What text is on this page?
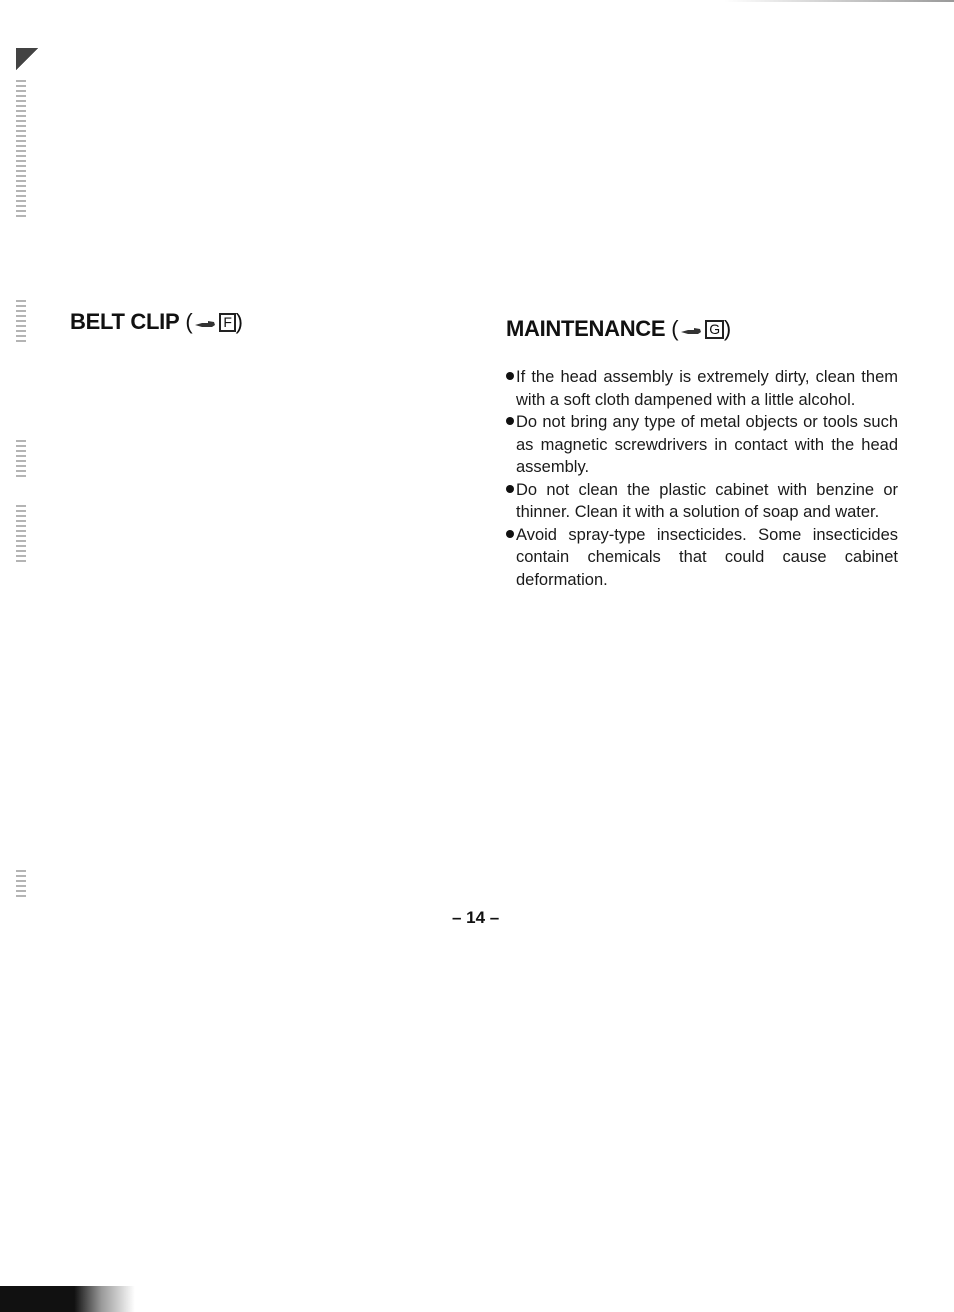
BELT CLIP ( F )	MAINTENANCE ( G )
If the head assembly is extremely dirty, clean them with a soft cloth dampened with a little alcohol.
Do not bring any type of metal objects or tools such as magnetic screwdrivers in contact with the head assembly.
Do not clean the plastic cabinet with benzine or thinner. Clean it with a solution of soap and water.
Avoid spray-type insecticides. Some insecticides contain chemicals that could cause cabinet deformation.
– 14 –
